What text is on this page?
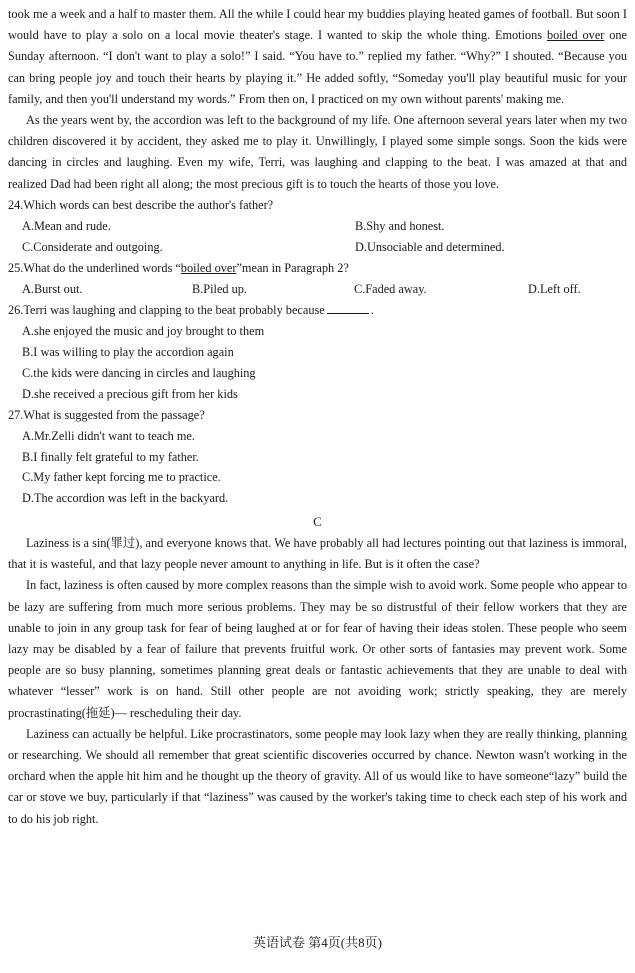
took me a week and a half to master them. All the while I could hear my buddies playing heated games of football. But soon I would have to play a solo on a local movie theater's stage. I wanted to skip the whole thing. Emotions boiled over one Sunday afternoon. “I don't want to play a solo!” I said. “You have to.” replied my father. “Why?” I shouted. “Because you can bring people joy and touch their hearts by playing it.” He added softly, “Someday you'll play beautiful music for your family, and then you'll understand my words.” From then on, I practiced on my own without parents' making me.

As the years went by, the accordion was left to the background of my life. One afternoon several years later when my two children discovered it by accident, they asked me to play it. Unwillingly, I played some simple songs. Soon the kids were dancing in circles and laughing. Even my wife, Terri, was laughing and clapping to the beat. I was amazed at that and realized Dad had been right all along; the most precious gift is to touch the hearts of those you love.

24.Which words can best describe the author's father?

A.Mean and rude.	B.Shy and honest.
C.Considerate and outgoing.	D.Unsociable and determined.

25.What do the underlined words “boiled over”mean in Paragraph 2?

A.Burst out.	B.Piled up.	C.Faded away.	D.Left off.

26.Terri was laughing and clapping to the beat probably because	.

A.she enjoyed the music and joy brought to them

B.I was willing to play the accordion again

C.the kids were dancing in circles and laughing

D.she received a precious gift from her kids

27.What is suggested from the passage?

A.Mr.Zelli didn't want to teach me.

B.I finally felt grateful to my father.

C.My father kept forcing me to practice.

D.The accordion was left in the backyard.

C

Laziness is a sin(罪过), and everyone knows that. We have probably all had lectures pointing out that laziness is immoral, that it is wasteful, and that lazy people never amount to anything in life. But is it often the case?

In fact, laziness is often caused by more complex reasons than the simple wish to avoid work. Some people who appear to be lazy are suffering from much more serious problems. They may be so distrustful of their fellow workers that they are unable to join in any group task for fear of being laughed at or for fear of having their ideas stolen. These people who seem lazy may be disabled by a fear of failure that prevents fruitful work. Or other sorts of fantasies may prevent work. Some people are so busy planning, sometimes planning great deals or fantastic achievements that they are unable to deal with whatever “lesser” work is on hand. Still other people are not avoiding work; strictly speaking, they are merely procrastinating(拖延)— rescheduling their day.

Laziness can actually be helpful. Like procrastinators, some people may look lazy when they are really thinking, planning or researching. We should all remember that great scientific discoveries occurred by chance. Newton wasn't working in the orchard when the apple hit him and he thought up the theory of gravity. All of us would like to have someone“lazy” build the car or stove we buy, particularly if that “laziness” was caused by the worker's taking time to check each step of his work and to do his job right.

英语试卷 第4页(共8页)
